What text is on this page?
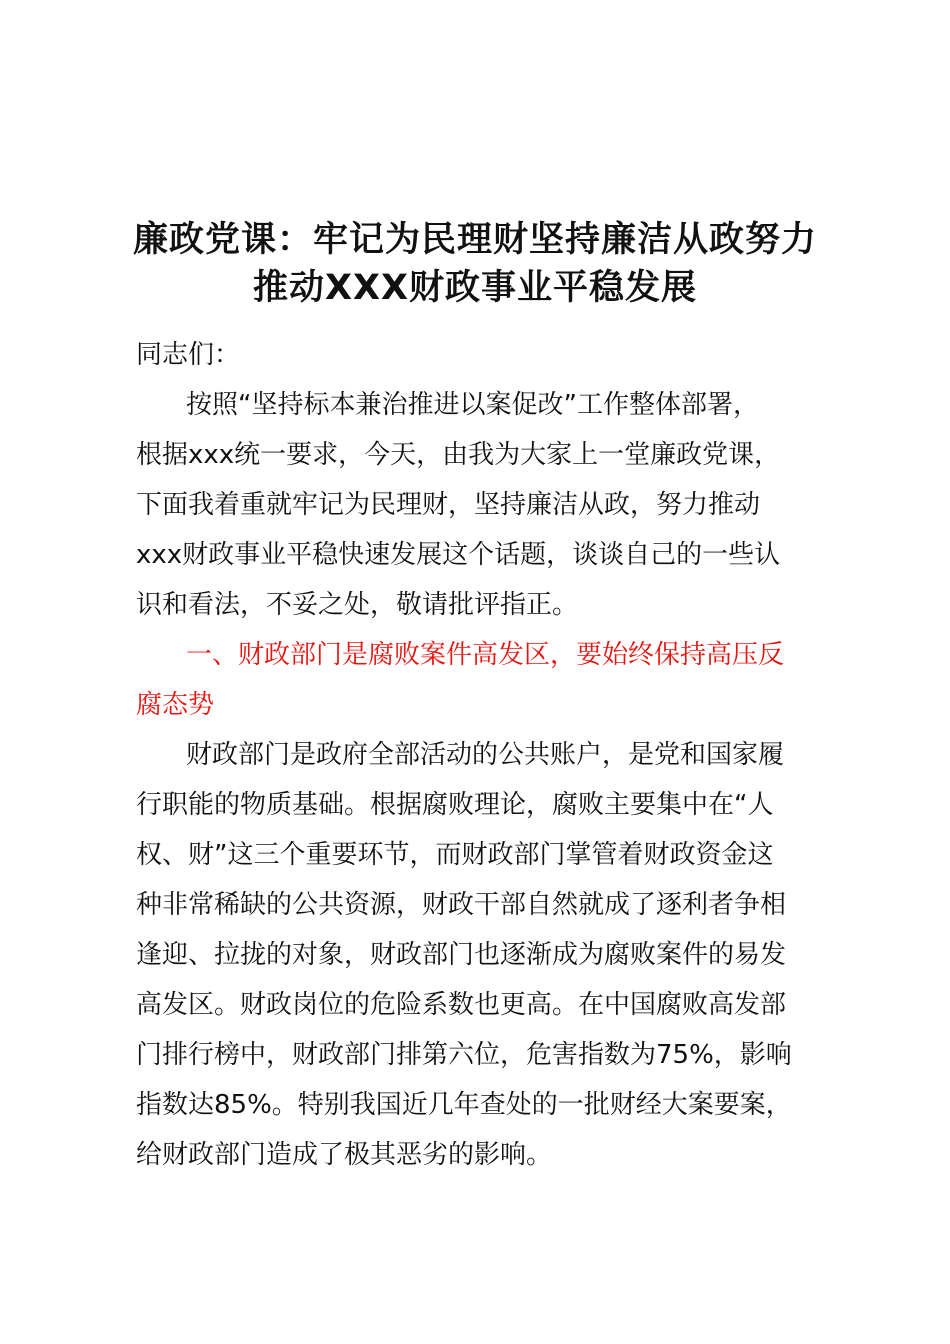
廉政党课：牢记为民理财坚持廉洁从政努力
推动XXX财政事业平稳发展
同志们：
按照“坚持标本兼治推进以案促改”工作整体部署，
根据xxx统一要求，今天，由我为大家上一堂廉政党课，
下面我着重就牢记为民理财，坚持廉洁从政，努力推动
xxx财政事业平稳快速发展这个话题，谈谈自己的一些认
识和看法，不妥之处，敬请批评指正。
一、财政部门是腐败案件高发区，要始终保持高压反
腐态势
财政部门是政府全部活动的公共账户，是党和国家履
行职能的物质基础。根据腐败理论，腐败主要集中在“人
权、财”这三个重要环节，而财政部门掌管着财政资金这
种非常稀缺的公共资源，财政干部自然就成了逐利者争相
逢迎、拉拢的对象，财政部门也逐渐成为腐败案件的易发
高发区。财政岗位的危险系数也更高。在中国腐败高发部
门排行榜中，财政部门排第六位，危害指数为75%，影响
指数达85%。特别我国近几年查处的一批财经大案要案，
给财政部门造成了极其恶劣的影响。
